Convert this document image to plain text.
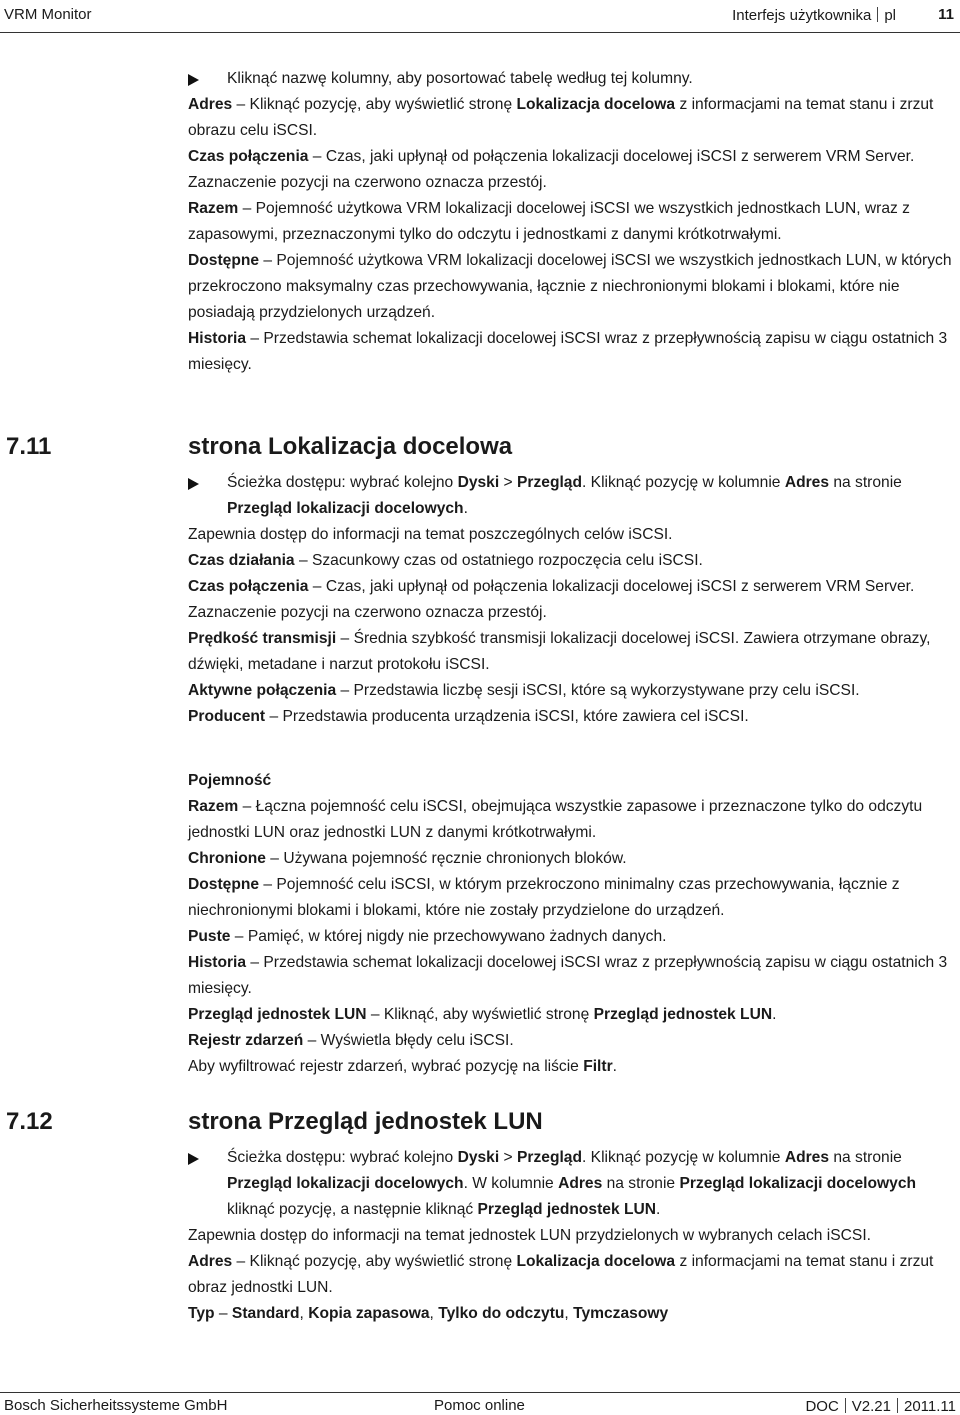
VRM Monitor	Interfejs użytkownika pl	11

Kliknąć nazwę kolumny, aby posortować tabelę według tej kolumny.

Adres – Kliknąć pozycję, aby wyświetlić stronę Lokalizacja docelowa z informacjami na temat stanu i zrzut obrazu celu iSCSI.

Czas połączenia – Czas, jaki upłynął od połączenia lokalizacji docelowej iSCSI z serwerem VRM Server. Zaznaczenie pozycji na czerwono oznacza przestój.

Razem – Pojemność użytkowa VRM lokalizacji docelowej iSCSI we wszystkich jednostkach LUN, wraz z zapasowymi, przeznaczonymi tylko do odczytu i jednostkami z danymi krótkotrwałymi.

Dostępne – Pojemność użytkowa VRM lokalizacji docelowej iSCSI we wszystkich jednostkach LUN, w których przekroczono maksymalny czas przechowywania, łącznie z niechronionymi blokami i blokami, które nie posiadają przydzielonych urządzeń.

Historia – Przedstawia schemat lokalizacji docelowej iSCSI wraz z przepływnością zapisu w ciągu ostatnich 3 miesięcy.

7.11	strona Lokalizacja docelowa

Ścieżka dostępu: wybrać kolejno Dyski > Przegląd. Kliknąć pozycję w kolumnie Adres na stronie Przegląd lokalizacji docelowych.

Zapewnia dostęp do informacji na temat poszczególnych celów iSCSI.

Czas działania – Szacunkowy czas od ostatniego rozpoczęcia celu iSCSI.

Czas połączenia – Czas, jaki upłynął od połączenia lokalizacji docelowej iSCSI z serwerem VRM Server. Zaznaczenie pozycji na czerwono oznacza przestój.

Prędkość transmisji – Średnia szybkość transmisji lokalizacji docelowej iSCSI. Zawiera otrzymane obrazy, dźwięki, metadane i narzut protokołu iSCSI.

Aktywne połączenia – Przedstawia liczbę sesji iSCSI, które są wykorzystywane przy celu iSCSI.

Producent – Przedstawia producenta urządzenia iSCSI, które zawiera cel iSCSI.

Pojemność

Razem – Łączna pojemność celu iSCSI, obejmująca wszystkie zapasowe i przeznaczone tylko do odczytu jednostki LUN oraz jednostki LUN z danymi krótkotrwałymi.

Chronione – Używana pojemność ręcznie chronionych bloków.

Dostępne – Pojemność celu iSCSI, w którym przekroczono minimalny czas przechowywania, łącznie z niechronionymi blokami i blokami, które nie zostały przydzielone do urządzeń.

Puste – Pamięć, w której nigdy nie przechowywano żadnych danych.

Historia – Przedstawia schemat lokalizacji docelowej iSCSI wraz z przepływnością zapisu w ciągu ostatnich 3 miesięcy.

Przegląd jednostek LUN – Kliknąć, aby wyświetlić stronę Przegląd jednostek LUN.

Rejestr zdarzeń – Wyświetla błędy celu iSCSI.

Aby wyfiltrować rejestr zdarzeń, wybrać pozycję na liście Filtr.

7.12	strona Przegląd jednostek LUN

Ścieżka dostępu: wybrać kolejno Dyski > Przegląd. Kliknąć pozycję w kolumnie Adres na stronie Przegląd lokalizacji docelowych. W kolumnie Adres na stronie Przegląd lokalizacji docelowych kliknąć pozycję, a następnie kliknąć Przegląd jednostek LUN.

Zapewnia dostęp do informacji na temat jednostek LUN przydzielonych w wybranych celach iSCSI.

Adres – Kliknąć pozycję, aby wyświetlić stronę Lokalizacja docelowa z informacjami na temat stanu i zrzut obraz jednostki LUN.

Typ – Standard, Kopia zapasowa, Tylko do odczytu, Tymczasowy

Bosch Sicherheitssysteme GmbH	Pomoc online	DOC V2.21 2011.11
